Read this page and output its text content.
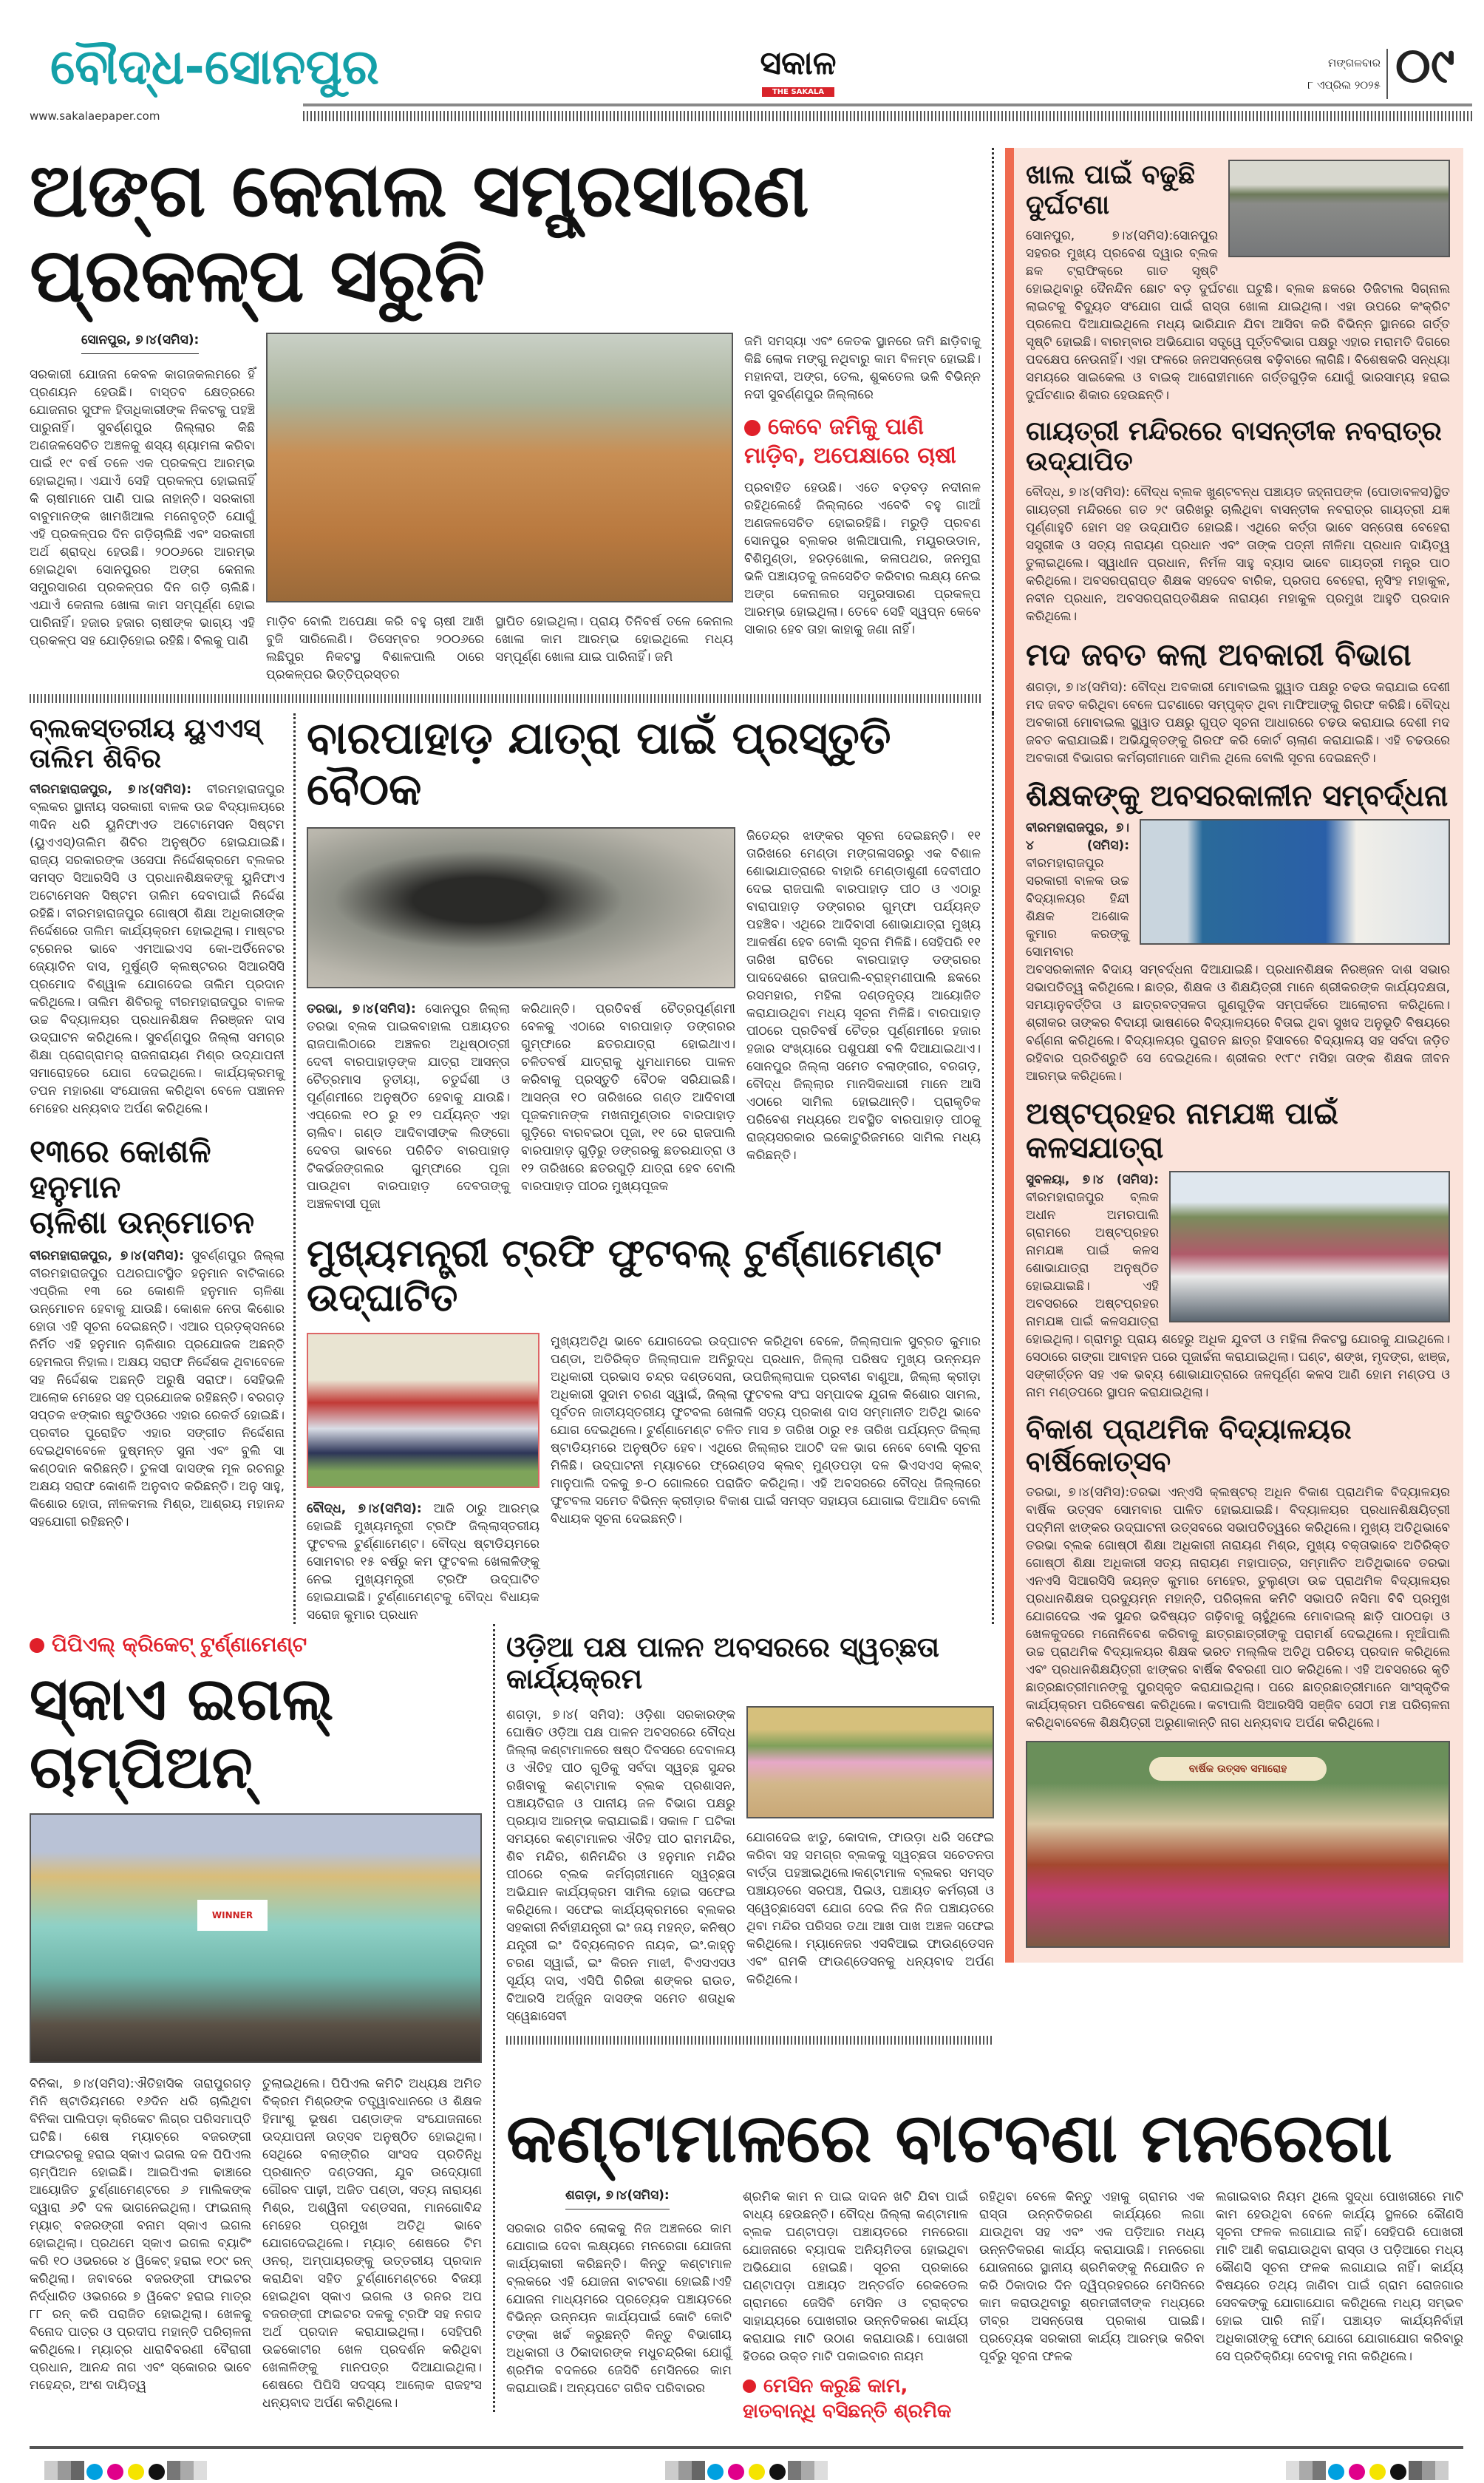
ବୌଦ୍ଧ-ସୋନପୁର
www.sakalaepaper.com
ସକାଳ
THE SAKALA
ମଙ୍ଗଳବାର
୮ ଏପ୍ରିଲ ୨୦୨୫ ୦୯
ଅଙ୍ଗ କେନାଲ ସମ୍ପ୍ରସାରଣ ପ୍ରକଳ୍ପ ସରୁନି
ସୋନପୁର, ୭।୪(ସମିସ):
ସରକାରୀ ଯୋଜନା କେବଳ କାଗଜକଲମରେ ହିଁ ପ୍ରଣୟନ ହେଉଛି। ବାସ୍ତବ କ୍ଷେତ୍ରରେ ଯୋଜନାର ସୁଫଳ ହିତାଧିକାରୀଙ୍କ ନିକଟକୁ ପହଞ୍ଚି ପାରୁନାହିଁ। ସୁବର୍ଣ୍ଣପୁର ଜିଲ୍ଲାର କିଛି ଅଣଜଳସେଚିତ ଅଞ୍ଚଳକୁ ଶସ୍ୟ ଶ୍ୟାମଳା କରିବା ପାଇଁ ୧୯ ବର୍ଷ ତଳେ ଏକ ପ୍ରକଳ୍ପ ଆରମ୍ଭ ହୋଇଥିଲା। ଏଯାଏଁ ସେହି ପ୍ରକଳ୍ପ ହୋଇନାହିଁ କି ଚାଷୀମାନେ ପାଣି ପାଇ ନାହାନ୍ତି। ସରକାରୀ ବାବୁମାନଙ୍କ ଖାମଖିଆଲ ମନୋବୃତ୍ତି ଯୋଗୁଁ ଏହି ପ୍ରକଳ୍ପର ଦିନ ଗଡ଼ିଚାଲିଛି ଏବଂ ସରକାରୀ ଅର୍ଥ ଶ୍ରାଦ୍ଧ ହେଉଛି। ୨୦୦୬ରେ ଆରମ୍ଭ ହୋଇଥିବା ସୋନପୁରର ଅଙ୍ଗ କେନାଲ ସମ୍ପ୍ରସାରଣ ପ୍ରକଳ୍ପର ଦିନ ଗଡ଼ି ଚାଲିଛି। ଏଯାଏଁ କେନାଲ ଖୋଳା କାମ ସମ୍ପୂର୍ଣ୍ଣ ହୋଇ ପାରିନାହିଁ। ହଜାର ହଜାର ଚାଷୀଙ୍କ ଭାଗ୍ୟ ଏହି ପ୍ରକଳ୍ପ ସହ ଯୋଡ଼ିହୋଇ ରହିଛି। ବିଲକୁ ପାଣି
ମାଡ଼ିବ ବୋଲି ଅପେକ୍ଷା କରି ବହୁ ଚାଷୀ ଆଖି ବୁଜି ସାରିଲେଣି। ଡିସେମ୍ବର ୨୦୦୬ରେ ଲଛିପୁର ନିକଟସ୍ଥ ବିଶାଳପାଲି ଠାରେ ପ୍ରକଳ୍ପର ଭିତ୍ତିପ୍ରସ୍ତର
ସ୍ଥାପିତ ହୋଇଥିଲା। ପ୍ରାୟ ତିନିବର୍ଷ ତଳେ କେନାଲ ଖୋଳା କାମ ଆରମ୍ଭ ହୋଇଥିଲେ ମଧ୍ୟ ସମ୍ପୂର୍ଣ୍ଣ ଖୋଳା ଯାଇ ପାରିନାହିଁ। ଜମି
ଜମି ସମସ୍ୟା ଏବଂ କେତକ ସ୍ଥାନରେ ଜମି ଛାଡ଼ିବାକୁ କିଛି ଲୋକ ମଙ୍ଗୁ ନଥିବାରୁ କାମ ବିଳମ୍ବ ହୋଇଛି। ମହାନଦୀ, ଅଙ୍ଗ, ତେଲ, ଶୁକତେଲ ଭଳି ବିଭିନ୍ନ ନଦୀ ସୁବର୍ଣ୍ଣପୁର ଜିଲ୍ଲାରେ
କେବେ ଜମିକୁ ପାଣି ମାଡ଼ିବ, ଅପେକ୍ଷାରେ ଚାଷୀ
ପ୍ରବାହିତ ହେଉଛି। ଏତେ ବଡ଼ବଡ଼ ନଦୀନାଳ ରହିଥିଲେହେଁ ଜିଲ୍ଲାରେ ଏବେବି ବହୁ ଗାଆଁ ଅଣଜଳସେଚିତ ହୋଇରହିଛି। ମରୁଡ଼ି ପ୍ରବଣ ସୋନପୁର ବ୍ଲକର ଖଲିଆପାଲି, ମୟୂରଉଡାନ, ବିଶିମୁଣ୍ଡା, ହରଡ଼ଖୋଲ, କଳାପଥର, ଜନମୁରା ଭଳି ପଞ୍ଚାୟତକୁ ଜଳସେଚିତ କରିବାର ଲକ୍ଷ୍ୟ ନେଇ ଅଙ୍ଗ କେନାଲର ସମ୍ପ୍ରସାରଣ ପ୍ରକଳ୍ପ ଆରମ୍ଭ ହୋଇଥିଲା। ତେବେ ସେହି ସ୍ୱପ୍ନ କେବେ ସାକାର ହେବ ତାହା କାହାକୁ ଜଣା ନାହିଁ।
ବ୍ଲକସ୍ତରୀୟ ୟୁଏଏସ୍ ତାଲିମ ଶିବିର
ବୀରମହାରାଜପୁର, ୭।୪(ସମିସ): ବୀରମହାରାଜପୁର ବ୍ଲକର ସ୍ଥାନୀୟ ସରକାରୀ ବାଳକ ଉଚ୍ଚ ବିଦ୍ୟାଳୟରେ ୩ଦିନ ଧରି ୟୁନିଫାଏଡ ଅଟୋମେସନ ସିଷ୍ଟମ (ୟୁଏଏସ୍)ତାଲିମ ଶିବିର ଅନୁଷ୍ଠିତ ହୋଇଯାଇଛି। ରାଜ୍ୟ ସରକାରଙ୍କ ଓସେପା ନିର୍ଦ୍ଦେଶକ୍ରମେ ବ୍ଲକର ସମସ୍ତ ସିଆରସିସି ଓ ପ୍ରଧାନଶିକ୍ଷକଙ୍କୁ ୟୁନିଫାଏ ଅଟୋମେସନ ସିଷ୍ଟମ ତାଲିମ ଦେବାପାଇଁ ନିର୍ଦ୍ଦେଶ ରହିଛି। ବୀରମହାରାଜପୁର ଗୋଷ୍ଠୀ ଶିକ୍ଷା ଅଧିକାରୀଙ୍କ ନିର୍ଦ୍ଦେଶରେ ତାଲିମ କାର୍ଯ୍ୟକ୍ରମ ହୋଇଥିଲା। ମାଷ୍ଟର ଟ୍ରେନର ଭାବେ ଏମଆଇଏସ କୋ-ଅର୍ଡିନେଟର ଜ୍ୟୋତିନ ଦାସ, ମୁର୍ଷୁଣ୍ଡି କ୍ଲଷ୍ଟରର ସିଆରସିସି ପ୍ରମୋଦ ବିଶ୍ୱାଳ ଯୋଗଦେଇ ତାଲିମ ପ୍ରଦାନ କରିଥିଲେ। ତାଲିମ ଶିବିରକୁ ବୀରମହାରାଜପୁର ବାଳକ ଉଚ୍ଚ ବିଦ୍ୟାଳୟର ପ୍ରଧାନଶିକ୍ଷକ ନିରଞ୍ଜନ ଦାସ ଉଦ୍‌ଘାଟନ କରିଥିଲେ। ସୁବର୍ଣ୍ଣପୁର ଜିଲ୍ଲା ସମଗ୍ର ଶିକ୍ଷା ପ୍ରୋଗ୍ରାମର୍ ରାଜନାରାୟଣ ମିଶ୍ର ଉଦ୍‌ଯାପନୀ ସମାରୋହରେ ଯୋଗ ଦେଇଥିଲେ। କାର୍ଯ୍ୟକ୍ରମକୁ ତପନ ମହାରଣା ସଂଯୋଜନା କରିଥିବା ବେଳେ ପଞ୍ଚାନନ ମେହେର ଧନ୍ୟବାଦ ଅର୍ପଣ କରିଥିଲେ।
୧୩ରେ କୋଶଳି ହନୁମାନ
ଚାଳିଶା ଉନ୍ମୋଚନ
ବୀରମହାରାଜପୁର, ୭।୪(ସମିସ): ସୁବର୍ଣ୍ଣପୁର ଜିଲ୍ଲା ବୀରମହାରାଜପୁର ପଥରଘାଟସ୍ଥିତ ହନୁମାନ ବାଟିକାରେ ଏପ୍ରିଲ ୧୩ ରେ କୋଶଳି ହନୁମାନ ଚାଳିଶା ଉନ୍ମୋଚନ ହେବାକୁ ଯାଉଛି। କୋଶଳ ନେତା କିଶୋର ହୋତା ଏହି ସୂଚନା ଦେଇଛନ୍ତି। ଏଆର ପ୍ରଡ଼କ୍ସନରେ ନିର୍ମିତ ଏହି ହନୁମାନ ଚାଳିଶାର ପ୍ରଯୋଜକ ଅଛନ୍ତି ହେମଲତା ନିହାଲ। ଅକ୍ଷୟ ସରାଫ ନିର୍ଦ୍ଦେଶକ ଥିବାବେଳେ ସହ ନିର୍ଦ୍ଦେଶକ ଅଛନ୍ତି ଅରୁଷି ସରାଫ। ସେହିଭଳି ଆଲୋକ ମେହେର ସହ ପ୍ରଯୋଜକ ରହିଛନ୍ତି। ବରଗଡ଼ ସପ୍ତକ ଝଙ୍କାର ଷ୍ଟୁଡିଓରେ ଏହାର ରେକର୍ଡ ହୋଇଛି। ପ୍ରବୀର ପୁରୋହିତ ଏହାର ସଙ୍ଗୀତ ନିର୍ଦ୍ଦେଶନା ଦେଇଥିବାବେଳେ ଦୁଷ୍ମନ୍ତ ସୁନା ଏବଂ ବୁଲି ସା କଣ୍ଠଦାନ କରିଛନ୍ତି। ତୁଳସୀ ଦାସଙ୍କ ମୂଳ ରଚନାରୁ ଅକ୍ଷୟ ସରାଫ କୋଶଳି ଅନୁବାଦ କରିଛନ୍ତି। ଅନୁ ସାହୁ, କିଶୋର ହୋତା, ନୀଳକମଲ ମିଶ୍ର, ଆଶ୍ରୟ ମହାନନ୍ଦ ସହଯୋଗୀ ରହିଛନ୍ତି।
ବାରପାହାଡ଼ ଯାତ୍ରା ପାଇଁ ପ୍ରସ୍ତୁତି ବୈଠକ
ତରଭା, ୭।୪(ସମିସ): ସୋନପୁର ଜିଲ୍ଲା ତରଭା ବ୍ଲକ ପାଇକବାହାଲ ପଞ୍ଚାୟତର ରାଜପାଲିଠାରେ ଅଞ୍ଚଳର ଅଧିଷ୍ଠାତ୍ରୀ ଦେବୀ ବାରପାହାଡ଼ଙ୍କ ଯାତ୍ରା ଆସନ୍ତା ଚୈତ୍ରମାସ ତୃତୀୟା, ଚତୁର୍ଦ୍ଦଶୀ ଓ ପୂର୍ଣ୍ଣମୀରେ ଅନୁଷ୍ଠିତ ହେବାକୁ ଯାଉଛି। ଏପ୍ରେଲ ୧୦ ରୁ ୧୨ ପର୍ଯ୍ୟନ୍ତ ଏହା ଚାଲିବ। ଗଣ୍ଡ ଆଦିବାସୀଙ୍କ ଲିଙ୍ଗୋ ଦେବତା ଭାବରେ ପରିଚିତ ବାରପାହାଡ଼ ଟିକର୍ଭଜଙ୍ଗଲର ଗୁମ୍ଫାରେ ପୂଜା ପାଉଥିବା ବାରପାହାଡ଼ ଦେବତାଙ୍କୁ ଅଞ୍ଚଳବାସୀ ପୂଜା
କରିଥାନ୍ତି। ପ୍ରତିବର୍ଷ ଚୈତ୍ରପୂର୍ଣ୍ଣମୀ ବେଳକୁ ଏଠାରେ ବାରପାହାଡ଼ ଡଙ୍ଗରର ଗୁମ୍ଫାରେ ଛତରଯାତ୍ରା ହୋଇଥାଏ। ଚଳିତବର୍ଷ ଯାତ୍ରାକୁ ଧୁମଧାମରେ ପାଳନ କରିବାକୁ ପ୍ରସ୍ତୁତି ବୈଠକ ସରିଯାଇଛି। ଆସନ୍ତା ୧୦ ତାରିଖରେ ଗଣ୍ଡ ଆଦିବାସୀ ପୂଜକମାନଙ୍କ ମଖନାମୁଣ୍ଡାର ବାରପାହାଡ଼ ଗୁଡ଼ିରେ ବାରବଇଠା ପୂଜା, ୧୧ ରେ ରାଜପାଲି ବାରପାହାଡ଼ ଗୁଡ଼ିରୁ ଡଙ୍ଗରକୁ ଛତରଯାତ୍ରା ଓ ୧୨ ତାରିଖରେ ଛତରଗୁଡ଼ି ଯାତ୍ରା ହେବ ବୋଲି ବାରପାହାଡ଼ ପୀଠର ମୁଖ୍ୟପୂଜକ
ଜିତେନ୍ଦ୍ର ଝାଙ୍କର ସୂଚନା ଦେଇଛନ୍ତି। ୧୧ ତାରିଖରେ ମେଣ୍ଡା ମଙ୍ଗଳାସରରୁ ଏକ ବିଶାଳ ଶୋଭାଯାତ୍ରାରେ ବାହାରି ମେଣ୍ଡାଶୁଣୀ ଦେବୀପୀଠ ଦେଇ ରାଜପାଲି ବାରପାହାଡ଼ ପୀଠ ଓ ଏଠାରୁ ବାରାପାହାଡ଼ ଡଙ୍ଗରର ଗୁମ୍ଫା ପର୍ଯ୍ୟନ୍ତ ପହଞ୍ଚିବ। ଏଥିରେ ଆଦିବାସୀ ଶୋଭାଯାତ୍ରା ମୁଖ୍ୟ ଆକର୍ଷଣ ହେବ ବୋଲି ସୂଚନା ମିଳିଛି। ସେହିପରି ୧୧ ତାରିଖ ରାତିରେ ବାରପାହାଡ଼ ଡଙ୍ଗରର ପାଦଦେଶରେ ରାଜପାଲି-ବ୍ରାହ୍ମଣୀପାଲି ଛକରେ ରସମହାର, ମହିଳା ଦଣ୍ଡନୃତ୍ୟ ଆୟୋଜିତ କରାଯାଉଥିବା ମଧ୍ୟ ସୂଚନା ମିଳିଛି। ବାରପାହାଡ଼ ପୀଠରେ ପ୍ରତିବର୍ଷ ଚୈତ୍ର ପୂର୍ଣ୍ଣମୀରେ ହଜାର ହଜାର ସଂଖ୍ୟାରେ ପଶୁପକ୍ଷୀ ବଳି ଦିଆଯାଇଥାଏ। ସୋନପୁର ଜିଲ୍ଲା ସମେତ ବଲାଙ୍ଗୀର, ବରଗଡ଼, ବୌଦ୍ଧ ଜିଲ୍ଲାର ମାନସିକଧାରୀ ମାନେ ଆସି ଏଠାରେ ସାମିଲ ହୋଇଥାନ୍ତି। ପ୍ରାକୃତିକ ପରିବେଶ ମଧ୍ୟରେ ଅବସ୍ଥିତ ବାରପାହାଡ଼ ପୀଠକୁ ରାଜ୍ୟସରକାର ଇକୋଟୁରିଜମରେ ସାମିଲ ମଧ୍ୟ କରିଛନ୍ତି।
ମୁଖ୍ୟମନ୍ତ୍ରୀ ଟ୍ରଫି ଫୁଟବଲ୍ ଟୁର୍ଣ୍ଣାମେଣ୍ଟ ଉଦ୍‌ଘାଟିତ
ବୌଦ୍ଧ, ୭।୪(ସମିସ): ଆଜି ଠାରୁ ଆରମ୍ଭ ହୋଇଛି ମୁଖ୍ୟମନ୍ତ୍ରୀ ଟ୍ରଫି ଜିଲ୍ଲାସ୍ତରୀୟ ଫୁଟବଲ ଟୁର୍ଣ୍ଣାମେଣ୍ଟ। ବୌଦ୍ଧ ଷ୍ଟାଡିୟମରେ ସୋମବାର ୧୫ ବର୍ଷରୁ କମ ଫୁଟବଲ ଖେଳାଳିଙ୍କୁ ନେଇ ମୁଖ୍ୟମନ୍ତ୍ରୀ ଟ୍ରଫି ଉଦ୍‌ଘାଟିତ ହୋଇଯାଇଛି। ଟୁର୍ଣ୍ଣାମେଣ୍ଟକୁ ବୌଦ୍ଧ ବିଧାୟକ ସରୋଜ କୁମାର ପ୍ରଧାନ
ମୁଖ୍ୟଅତିଥି ଭାବେ ଯୋଗଦେଇ ଉଦ୍‌ଘାଟନ କରିଥିବା ବେଳେ, ଜିଲ୍ଲାପାଳ ସୁବ୍ରତ କୁମାର ପଣ୍ଡା, ଅତିରିକ୍ତ ଜିଲ୍ଲାପାଳ ଅନିରୁଦ୍ଧ ପ୍ରଧାନ, ଜିଲ୍ଲା ପରିଷଦ ମୁଖ୍ୟ ଉନ୍ନୟନ ଅଧିକାରୀ ପ୍ରଭାସ ଚନ୍ଦ୍ର ଦଣ୍ଡସେନା, ଉପଜିଲ୍ଲାପାଳ ପ୍ରବୀଣ ବାଣୁଆ, ଜିଲ୍ଲା କ୍ରୀଡ଼ା ଅଧିକାରୀ ସୁଦାମ ଚରଣ ସ୍ୱାଇଁ, ଜିଲ୍ଲା ଫୁଟବଲ ସଂଘ ସମ୍ପାଦକ ଯୁଗଳ କିଶୋର ସାମଲ, ପୂର୍ବତନ ଜାତୀୟସ୍ତରୀୟ ଫୁଟବଲ ଖେଳାଳି ସତ୍ୟ ପ୍ରକାଶ ଦାସ ସମ୍ମାନୀତ ଅତିଥି ଭାବେ ଯୋଗ ଦେଇଥିଲେ। ଟୁର୍ଣ୍ଣାମେଣ୍ଟ ଚଳିତ ମାସ ୭ ତାରିଖ ଠାରୁ ୧୫ ତାରିଖ ପର୍ଯ୍ୟନ୍ତ ଜିଲ୍ଲା ଷ୍ଟାଡିୟମରେ ଅନୁଷ୍ଠିତ ହେବ। ଏଥିରେ ଜିଲ୍ଲାର ଆଠଟି ଦଳ ଭାଗ ନେବେ ବୋଲି ସୂଚନା ମିଳିଛି। ଉଦ୍‌ଘାଟନୀ ମ୍ୟାଚରେ ଫ୍ରେଣ୍ଡସ କ୍ଲବ୍ ମୁଣ୍ଡପଡ଼ା ଦଳ ଭିଏସଏସ କ୍ଲବ୍ ମାନୁପାଲି ଦଳକୁ ୭-୦ ଗୋଲରେ ପରାଜିତ କରିଥିଲା। ଏହି ଅବସରରେ ବୌଦ୍ଧ ଜିଲ୍ଲାରେ ଫୁଟବଲ ସମେତ ବିଭିନ୍ନ କ୍ରୀଡ଼ାର ବିକାଶ ପାଇଁ ସମସ୍ତ ସହାୟତା ଯୋଗାଇ ଦିଆଯିବ ବୋଲି ବିଧାୟକ ସୂଚନା ଦେଇଛନ୍ତି।
ଖାଲ ପାଇଁ ବଢୁଛି ଦୁର୍ଘଟଣା
ସୋନପୁର, ୭।୪(ସମିସ):ସୋନପୁର ସହରର ମୁଖ୍ୟ ପ୍ରବେଶ ଦ୍ୱାର ବ୍ଲକ ଛକ ଟ୍ରାଫିକ୍‌ରେ ଗାତ ସୃଷ୍ଟି ହୋଇଥିବାରୁ ଦୈନନ୍ଦିନ ଛୋଟ ବଡ଼ ଦୁର୍ଘଟଣା ଘଟୁଛି। ବ୍ଲକ ଛକରେ ଡିଜିଟାଲ ସିଗ୍ନାଲ ଲାଇଟକୁ ବିଦ୍ୟୁତ ସଂଯୋଗ ପାଇଁ ରାସ୍ତା ଖୋଳା ଯାଇଥିଲା। ଏହା ଉପରେ କଂକ୍ରିଟ ପ୍ରଲେପ ଦିଆଯାଇଥିଲେ ମଧ୍ୟ ଭାରିଯାନ ଯିବା ଆସିବା କରି ବିଭିନ୍ନ ସ୍ଥାନରେ ଗର୍ତ୍ତ ସୃଷ୍ଟି ହୋଇଛି। ବାରମ୍ବାର ଅଭିଯୋଗ ସତ୍ତ୍ୱେ ପୂର୍ତ୍ତବିଭାଗ ପକ୍ଷରୁ ଏହାର ମରାମତି ଦିଗରେ ପଦକ୍ଷେପ ନେଉନାହିଁ। ଏହା ଫଳରେ ଜନଅସନ୍ତୋଷ ବଢ଼ିବାରେ ଲାଗିଛି। ବିଶେଷକରି ସନ୍ଧ୍ୟା ସମୟରେ ସାଇକେଲ ଓ ବାଇକ୍ ଆରୋହୀମାନେ ଗର୍ତ୍ତଗୁଡ଼ିକ ଯୋଗୁଁ ଭାରସାମ୍ୟ ହରାଇ ଦୁର୍ଘଟଣାର ଶିକାର ହେଉଛନ୍ତି।
ଗାୟତ୍ରୀ ମନ୍ଦିରରେ ବାସନ୍ତୀକ ନବରାତ୍ର ଉଦ୍‌ଯାପିତ
ବୌଦ୍ଧ, ୭।୪(ସମିସ): ବୌଦ୍ଧ ବ୍ଲକ ଖୁଣ୍ଟବନ୍ଧ ପଞ୍ଚାୟତ ଜହ୍ନାପଙ୍କ (ପୋଡାବଳସ)ସ୍ଥିତ ଗାୟତ୍ରୀ ମନ୍ଦିରରେ ଗତ ୨୯ ତାରିଖରୁ ଚାଲିଥିବା ବାସନ୍ତୀକ ନବରାତ୍ର ଗାୟତ୍ରୀ ଯଜ୍ଞ ପୂର୍ଣ୍ଣାହୁତି ହୋମ ସହ ଉଦ୍‌ଯାପିତ ହୋଇଛି। ଏଥିରେ କର୍ତ୍ତା ଭାବେ ସନ୍ତୋଷ ବେହେରା ସସ୍ତ୍ରୀକ ଓ ସତ୍ୟ ନାରାୟଣ ପ୍ରଧାନ ଏବଂ ତାଙ୍କ ପତ୍ନୀ ନୀଳିମା ପ୍ରଧାନ ଦାୟିତ୍ୱ ତୁଲାଇଥିଲେ। ସ୍ୱାଧୀନ ପ୍ରଧାନ, ନିର୍ମଳ ସାହୁ ବ୍ୟାସ ଭାବେ ଗାୟତ୍ରୀ ମନ୍ତ୍ର ପାଠ କରିଥିଲେ। ଅବସରପ୍ରାପ୍ତ ଶିକ୍ଷକ ସହଦେବ ବାରିକ, ପ୍ରତାପ ବେହେରା, ନୃସିଂହ ମହାକୁଳ, ନବୀନ ପ୍ରଧାନ, ଅବସରପ୍ରାପ୍ତଶିକ୍ଷକ ନାରାୟଣ ମହାକୁଳ ପ୍ରମୁଖ ଆହୁତି ପ୍ରଦାନ କରିଥିଲେ।
ମଦ ଜବତ କଲା ଅବକାରୀ ବିଭାଗ
ଶଗଡ଼ା, ୭।୪(ସମିସ): ବୌଦ୍ଧ ଅବକାରୀ ମୋବାଇଲ ସ୍କ୍ୱାଡ ପକ୍ଷରୁ ଚଢଉ କରାଯାଇ ଦେଶୀ ମଦ ଜବତ କରିଥିବା ବେଳେ ଘଟଣାରେ ସମ୍ପୃକ୍ତ ଥିବା ମାଫିଆଙ୍କୁ ଗିରଫ କରିଛି। ବୌଦ୍ଧ ଅବକାରୀ ମୋବାଇଲ ସ୍କ୍ୱାଡ ପକ୍ଷରୁ ଗୁପ୍ତ ସୂଚନା ଆଧାରରେ ଚଢଉ କରାଯାଇ ଦେଶୀ ମଦ ଜବତ କରାଯାଇଛି। ଅଭିଯୁକ୍ତଙ୍କୁ ଗିରଫ କରି କୋର୍ଟ ଚାଲାଣ କରାଯାଇଛି। ଏହି ଚଢଉରେ ଅବକାରୀ ବିଭାଗର କର୍ମଚାରୀମାନେ ସାମିଲ ଥିଲେ ବୋଲି ସୂଚନା ଦେଇଛନ୍ତି।
ଶିକ୍ଷକଙ୍କୁ ଅବସରକାଳୀନ ସମ୍ବର୍ଦ୍ଧନା
ବୀରମହାରାଜପୁର, ୭।୪ (ସମିସ): ବୀରମହାରାଜପୁର ସରକାରୀ ବାଳକ ଉଚ୍ଚ ବିଦ୍ୟାଳୟର ହିନ୍ଦୀ ଶିକ୍ଷକ ଅଶୋକ କୁମାର କରଙ୍କୁ ସୋମବାର ଅବସରକାଳୀନ ବିଦାୟ ସମ୍ବର୍ଦ୍ଧନା ଦିଆଯାଇଛି। ପ୍ରଧାନଶିକ୍ଷକ ନିରଞ୍ଜନ ଦାଶ ସଭାର ସଭାପତିତ୍ୱ କରିଥିଲେ। ଛାତ୍ର, ଶିକ୍ଷକ ଓ ଶିକ୍ଷୟିତ୍ରୀ ମାନେ ଶ୍ରୀକରଙ୍କ କାର୍ଯ୍ୟଦକ୍ଷତା, ସମୟାନୁବର୍ତ୍ତିତା ଓ ଛାତ୍ରବତ୍ସଳତା ଗୁଣଗୁଡ଼ିକ ସମ୍ପର୍କରେ ଆଲୋଚନା କରିଥିଲେ। ଶ୍ରୀକର ତାଙ୍କର ବିଦାୟୀ ଭାଷଣରେ ବିଦ୍ୟାଳୟରେ ବିତାଇ ଥିବା ସୁଖଦ ଅନୁଭୂତି ବିଷୟରେ ବର୍ଣ୍ଣନା କରିଥିଲେ। ବିଦ୍ୟାଳୟର ପୁରାତନ ଛାତ୍ର ହିସାବରେ ବିଦ୍ୟାଳୟ ସହ ସର୍ବଦା ଜଡ଼ିତ ରହିବାର ପ୍ରତିଶ୍ରୁତି ସେ ଦେଇଥିଲେ। ଶ୍ରୀକର ୧୯୮୯ ମସିହା ତାଙ୍କ ଶିକ୍ଷକ ଜୀବନ ଆରମ୍ଭ କରିଥିଲେ।
ଅଷ୍ଟପ୍ରହର ନାମଯଜ୍ଞ ପାଇଁ କଳସଯାତ୍ରା
ସୁବଳୟା, ୭।୪ (ସମିସ): ବୀରମହାରାଜପୁର ବ୍ଲକ ଅଧୀନ ଅମରପାଲି ଗ୍ରାମରେ ଅଷ୍ଟପ୍ରହର ନାମଯଜ୍ଞ ପାଇଁ କଳସ ଶୋଭାଯାତ୍ରା ଅନୁଷ୍ଠିତ ହୋଇଯାଇଛି। ଏହି ଅବସରରେ ଅଷ୍ଟପ୍ରହର ନାମଯଜ୍ଞ ପାଇଁ କଳସଯାତ୍ରା ହୋଇଥିଲା। ଗ୍ରାମରୁ ପ୍ରାୟ ଶହେରୁ ଅଧିକ ଯୁବତୀ ଓ ମହିଳା ନିକଟସ୍ଥ ଯୋରକୁ ଯାଇଥିଲେ। ସେଠାରେ ଗଙ୍ଗା ଆବାହନ ପରେ ପୂଜାର୍ଚ୍ଚନା କରାଯାଇଥିଲା। ଘଣ୍ଟ, ଶଙ୍ଖ, ମୃଦଙ୍ଗ, ଝାଞ୍ଜ, ସଙ୍କୀର୍ତ୍ତନ ସହ ଏକ ଭବ୍ୟ ଶୋଭାଯାତ୍ରାରେ ଜଳପୂର୍ଣ୍ଣ କଳସ ଆଣି ହୋମ ମଣ୍ଡପ ଓ ନାମ ମଣ୍ଡପରେ ସ୍ଥାପନ କରାଯାଇଥିଲା।
ବିକାଶ ପ୍ରାଥମିକ ବିଦ୍ୟାଳୟର ବାର୍ଷିକୋତ୍ସବ
ତରଭା, ୭।୪(ସମିସ):ତରଭା ଏନ୍‌ଏସି କ୍ଲଷ୍ଟର୍ ଅଧିନ ବିକାଶ ପ୍ରାଥମିକ ବିଦ୍ୟାଳୟର ବାର୍ଷିକ ଉତ୍ସବ ସୋମବାର ପାଳିତ ହୋଇଯାଇଛି। ବିଦ୍ୟାଳୟର ପ୍ରଧାନଶିକ୍ଷୟିତ୍ରୀ ପଦ୍ମିନୀ ଝାଙ୍କର ଉଦ୍‌ଘାଟନୀ ଉତ୍ସବରେ ସଭାପତିତ୍ୱରେ କରିଥିଲେ। ମୁଖ୍ୟ ଅତିଥିଭାବେ ତରଭା ବ୍ଲକ ଗୋଷ୍ଠୀ ଶିକ୍ଷା ଅଧିକାରୀ ନାରାୟଣ ମିଶ୍ର, ମୁଖ୍ୟ ବକ୍ତାଭାବେ ଅତିରିକ୍ତ ଗୋଷ୍ଠୀ ଶିକ୍ଷା ଅଧିକାରୀ ସତ୍ୟ ନାରାୟଣ ମହାପାତ୍ର, ସମ୍ମାନିତ ଅତିଥିଭାବେ ତରଭା ଏନଏସି ସିଆରସିସି ଜୟନ୍ତ କୁମାର ମେହେର, ତୁଲୁଣ୍ଡା ଉଚ୍ଚ ପ୍ରାଥମିକ ବିଦ୍ୟାଳୟର ପ୍ରଧାନଶିକ୍ଷକ ପ୍ରଦ୍ୟୁମ୍ନ ମହାନ୍ତି, ପରିଚାଳନା କମିଟି ସଭାପତି ନସିମା ବିବି ପ୍ରମୁଖ ଯୋଗଦେଇ ଏକ ସୁନ୍ଦର ଭବିଷ୍ୟତ ଗଢ଼ିବାକୁ ଚାହୁଁଥିଲେ ମୋବାଇଲ୍ ଛାଡ଼ି ପାଠପଢ଼ା ଓ ଖେଳକୁଦରେ ମନୋନିବେଶ କରିବାକୁ ଛାତ୍ରଛାତ୍ରୀଙ୍କୁ ପରାମର୍ଶ ଦେଇଥିଲେ। ନୂଆଁପାଲି ଉଚ୍ଚ ପ୍ରାଥମିକ ବିଦ୍ୟାଳୟର ଶିକ୍ଷକ ଭରତ ମଲ୍ଲିକ ଅତିଥି ପରିଚୟ ପ୍ରଦାନ କରିଥିଲେ ଏବଂ ପ୍ରଧାନଶିକ୍ଷୟିତ୍ରୀ ଝାଙ୍କର ବାର୍ଷିକ ବିବରଣୀ ପାଠ କରିଥିଲେ। ଏହି ଅବସରରେ କୃତି ଛାତ୍ରଛାତ୍ରୀମାନଙ୍କୁ ପୁରସ୍କୃତ କରାଯାଇଥିଲା। ପରେ ଛାତ୍ରଛାତ୍ରୀମାନେ ସାଂସ୍କୃତିକ କାର୍ଯ୍ୟକ୍ରମ ପରିବେଷଣ କରିଥିଲେ। କଟାପାଲି ସିଆରସିସି ସଞ୍ଜିବ ସେଠୀ ମଞ୍ଚ ପରିଚାଳନା କରିଥିବାବେଳେ ଶିକ୍ଷୟିତ୍ରୀ ଅରୁଣାକାନ୍ତି ନାଗ ଧନ୍ୟବାଦ ଅର୍ପଣ କରିଥିଲେ।
ବାର୍ଷିକ ଉତ୍ସବ ସମାରୋହ
ପିପିଏଲ୍ କ୍ରିକେଟ୍ ଟୁର୍ଣ୍ଣାମେଣ୍ଟ
ସ୍କାଏ ଇଗଲ୍ ଚାମ୍ପିଅନ୍
WINNER
ବିନିକା, ୭।୪(ସମିସ):ଐତିହାସିକ ତାରାପୁରଗଡ଼ ମିନି ଷ୍ଟାଡିୟମରେ ୧୬ଦିନ ଧରି ଚାଲିଥିବା ବିନିକା ପାଲିପଡ଼ା କ୍ରିକେଟ ଲିଗ୍‌ର ପରିସମାପ୍ତି ଘଟିଛି। ଶେଷ ମ୍ୟାଚ୍‌ରେ ବଜରଙ୍ଗୀ ଫାଇଟରକୁ ହରାଇ ସ୍କାଏ ଇଗଲ ଦଳ ପିପିଏଲ ଚାମ୍ପିଅନ ହୋଇଛି। ଆଇପିଏଲ ଢାଞ୍ଚାରେ ଆୟୋଜିତ ଟୁର୍ଣ୍ଣାମେଣ୍ଟରେ ୬ ମାଲିକଙ୍କ ଦ୍ୱାରା ୬ଟି ଦଳ ଭାଗନେଇଥିଲା। ଫାଇନାଲ୍ ମ୍ୟାଚ୍ ବଜରଙ୍ଗୀ ବନାମ ସ୍କାଏ ଇଗଲ ହୋଇଥିଲା। ପ୍ରଥମେ ସ୍କାଏ ଇଗଲ ବ୍ୟାଟିଂ କରି ୧୦ ଓଭରରେ ୪ ୱିକେଟ୍ ହରାଇ ୧୦୯ ରନ୍ କରିଥିଲା। ଜବାବରେ ବଜରଙ୍ଗୀ ଫାଇଟର ନିର୍ଦ୍ଧାରିତ ଓଭରରେ ୭ ୱିକେଟ ହରାଇ ମାତ୍ର ୮୮ ରନ୍ କରି ପରାଜିତ ହୋଇଥିଲା। ଖେଳକୁ ବିନୋଦ ପାତ୍ର ଓ ପ୍ରଦୀପ ମହାନ୍ତି ପରିଚାଳନା କରିଥିଲେ। ମ୍ୟାଚ୍‌ର ଧାରାବିବରଣୀ ବୈରାଗୀ ପ୍ରଧାନ, ଆନନ୍ଦ ନାଗ ଏବଂ ସ୍କୋରର ଭାବେ ମହେନ୍ଦ୍ର, ଅଂଶ ଦାୟିତ୍ୱ
ତୁଲାଇଥିଲେ। ପିପିଏଲ କମିଟି ଅଧ୍ୟକ୍ଷ ଅମିତ ବିକ୍ରମ ମିଶ୍ରଙ୍କ ତତ୍ତ୍ୱାବଧାନରେ ଓ ଶିକ୍ଷକ ହିମାଂଶୁ ଭୂଷଣ ପଣ୍ଡାଙ୍କ ସଂଯୋଜନାରେ ଉଦ୍‌ଯାପନୀ ଉତ୍ସବ ଅନୁଷ୍ଠିତ ହୋଇଥିଲା। ସେଥିରେ ବଲାଙ୍ଗିର ସାଂସଦ ପ୍ରତିନିଧି ପ୍ରଶାନ୍ତ ଦଣ୍ଡସନା, ଯୁବ ଉଦ୍ୟୋଗୀ ଗୌରବ ପାଢ଼ୀ, ଅଜିତ ପଣ୍ଡା, ସତ୍ୟ ନାରାୟଣ ମିଶ୍ର, ଅଶ୍ୱିନୀ ଦଣ୍ଡସନା, ମାନଗୋବିନ୍ଦ ମେହେର ପ୍ରମୁଖ ଅତିଥି ଭାବେ ଯୋଗଦେଇଥିଲେ। ମ୍ୟାଚ୍ ଶେଷରେ ଟିମ ଓନର୍, ଅମ୍ପାୟରଙ୍କୁ ଉତ୍ତରୀୟ ପ୍ରଦାନ କରାଯିବା ସହିତ ଟୁର୍ଣ୍ଣାମେଣ୍ଟରେ ବିଜୟୀ ହୋଇଥିବା ସ୍କାଏ ଇଗଲ ଓ ରନର ଅପ ବଜରଙ୍ଗୀ ଫାଇଟର ଦଳକୁ ଟ୍ରଫି ସହ ନଗଦ ଅର୍ଥ ପ୍ରଦାନ କରାଯାଇଥିଲା। ସେହିପରି ଉଚ୍ଚକୋଟୀର ଖେଳ ପ୍ରଦର୍ଶନ କରିଥିବା ଖେଳାଳିଙ୍କୁ ମାନପତ୍ର ଦିଆଯାଇଥିଲା। ଶେଷରେ ପିପିସି ସଦସ୍ୟ ଆଲୋକ ରାଜହଂସ ଧନ୍ୟବାଦ ଅର୍ପଣ କରିଥିଲେ।
ଓଡ଼ିଆ ପକ୍ଷ ପାଳନ ଅବସରରେ ସ୍ୱଚ୍ଛତା କାର୍ଯ୍ୟକ୍ରମ
ଶଗଡ଼ା, ୭।୪( ସମିସ): ଓଡ଼ିଶା ସରକାରଙ୍କ ଘୋଷିତ ଓଡ଼ିଆ ପକ୍ଷ ପାଳନ ଅବସରରେ ବୌଦ୍ଧ ଜିଲ୍ଲା କଣ୍ଟାମାଳରେ ଷଷ୍ଠ ଦିବସରେ ଦେବାଳୟ ଓ ଐତିହ ପୀଠ ଗୁଡିକୁ ସର୍ବଦା ସ୍ୱଚ୍ଛ ସୁନ୍ଦର ରଖିବାକୁ କଣ୍ଟାମାଳ ବ୍ଲକ ପ୍ରଶାସନ, ପଞ୍ଚାୟତିରାଜ ଓ ପାନୀୟ ଜଳ ବିଭାଗ ପକ୍ଷରୁ ପ୍ରୟାସ ଆରମ୍ଭ କରାଯାଇଛି। ସକାଳ ୮ ଘଟିକା ସମୟରେ କଣ୍ଟାମାଳର ଐତିହ ପୀଠ ରାମମନ୍ଦିର, ଶିବ ମନ୍ଦିର, ଶନିମନ୍ଦିର ଓ ହନୁମାନ ମନ୍ଦିର ପୀଠରେ ବ୍ଲକ କର୍ମଚାରୀମାନେ ସ୍ୱଚ୍ଛତା ଅଭିଯାନ କାର୍ଯ୍ୟକ୍ରମ ସାମିଲ ହୋଇ ସଫେଇ କରିଥିଲେ। ସଫେଇ କାର୍ଯ୍ୟକ୍ରମରେ ବ୍ଲକର ସହକାରୀ ନିର୍ବାହୀଯନ୍ତ୍ରୀ ଇଂ ଜୟ ମହନ୍ତ, କନିଷ୍ଠ ଯନ୍ତ୍ରୀ ଇଂ ଦିବ୍ୟଲୋଚନ ନାୟକ, ଇଂ.କାହ୍ନୁ ଚରଣ ସ୍ୱାଇଁ, ଇଂ କିରନ ମାଝୀ, ବିଏସଏସଓ ସୂର୍ଯ୍ୟ ଦାସ, ଏସିପି ଗିରିଜା ଶଙ୍କର ରାଉତ, ବିଆରସି ଅର୍ଜ୍ଜୁନ ଦାସଙ୍କ ସମେତ ଶତାଧିକ ସ୍ୱେଛାସେବୀ
ଯୋଗଦେଇ ଝାଡୁ, କୋଦାଳ, ଫାଉଡ଼ା ଧରି ସଫେଇ କରିବା ସହ ସମଗ୍ର ବ୍ଲକକୁ ସ୍ୱଚ୍ଛତା ସଚେତନତା ବାର୍ତ୍ତା ପହଞ୍ଚାଇଥିଲେ।କଣ୍ଟାମାଳ ବ୍ଲକର ସମସ୍ତ ପଞ୍ଚାୟତରେ ସରପଞ୍ଚ, ପିଇଓ, ପଞ୍ଚାୟତ କର୍ମଚାରୀ ଓ ସ୍ୱେଚ୍ଛାସେବୀ ଯୋଗ ଦେଇ ନିଜ ନିଜ ପଞ୍ଚାୟତରେ ଥିବା ମନ୍ଦିର ପରିସର ତଥା ଆଖ ପାଖ ଅଞ୍ଚଳ ସଫେଇ କରିଥିଲେ। ମ୍ୟାନେଜର ଏସବିଆଇ ଫାଉଣ୍ଡେସନ ଏବଂ ରାମକି ଫାଉଣ୍ଡେସନକୁ ଧନ୍ୟବାଦ ଅର୍ପଣ କରିଥିଲେ।
କଣ୍ଟାମାଳରେ ବାଟବଣା ମନରେଗା
ଶଗଡ଼ା, ୭।୪(ସମିସ):
ସରକାର ଗରିବ ଲୋକକୁ ନିଜ ଅଞ୍ଚଳରେ କାମ ଯୋଗାଇ ଦେବା ଲକ୍ଷ୍ୟରେ ମନରେଗା ଯୋଜନା କାର୍ଯ୍ୟକାରୀ କରିଛନ୍ତି। କିନ୍ତୁ କଣ୍ଟାମାଳ ବ୍ଲକରେ ଏହି ଯୋଜନା ବାଟବଣା ହୋଇଛି।ଏହି ଯୋଜନା ମାଧ୍ୟମରେ ପ୍ରତ୍ୟେକ ପଞ୍ଚାୟତରେ ବିଭିନ୍ନ ଉନ୍ନୟନ କାର୍ଯ୍ୟପାଇଁ କୋଟି କୋଟି ଟଙ୍କା ଖର୍ଚ୍ଚ କରୁଛନ୍ତି କିନ୍ତୁ ବିଭାଗୀୟ ଅଧିକାରୀ ଓ ଠିକାଦାରଙ୍କ ମଧୁଚନ୍ଦ୍ରିକା ଯୋଗୁଁ ଶ୍ରମିକ ବଦଳରେ ଜେସିବି ମେସିନରେ କାମ କରାଯାଉଛି। ଅନ୍ୟପଟେ ଗରିବ ପରିବାରର
ଶ୍ରମିକ କାମ ନ ପାଇ ଦାଦନ ଖଟି ଯିବା ପାଇଁ ବାଧ୍ୟ ହେଉଛନ୍ତି। ବୌଦ୍ଧ ଜିଲ୍ଲା କଣ୍ଟାମାଳ ବ୍ଲକ ଘଣ୍ଟାପଡ଼ା ପଞ୍ଚାୟତରେ ମନରେଗା ଯୋଜନାରେ ବ୍ୟାପକ ଅନିୟମିତତା ହୋଇଥିବା ଅଭିଯୋଗ ହୋଇଛି। ସୂଚନା ପ୍ରକାରେ ଘଣ୍ଟାପଡ଼ା ପଞ୍ଚାୟତ ଅନ୍ତର୍ଗତ ରେକଡେଲ ଗ୍ରାମରେ ଜେସିବି ମେସିନ ଓ ଟ୍ରାକ୍ଟର ସାହାଯ୍ୟରେ ପୋଖରୀର ଉନ୍ନତିକରଣ କାର୍ଯ୍ୟ କରାଯାଇ ମାଟି ଉଠାଣ କରାଯାଉଛି। ପୋଖରୀ ହିଡରେ ଉକ୍ତ ମାଟି ପକାଇବାର ନାୟମ
ମେସିନ କରୁଛି କାମ, ହାତବାନ୍ଧି ବସିଛନ୍ତି ଶ୍ରମିକ
ରହିଥିବା ବେଳେ କିନ୍ତୁ ଏହାକୁ ଗ୍ରାମର ଏକ ରାସ୍ତା ଉନ୍ନତିକରଣ କାର୍ଯ୍ୟରେ ଲଗା ଯାଉଥିବା ସହ ଏବଂ ଏକ ପଡ଼ିଆର ମଧ୍ୟ ଉନ୍ନତିକରଣ କାର୍ଯ୍ୟ କରାଯାଉଛି। ମନରେଗା ଯୋଜନାରେ ସ୍ଥାନୀୟ ଶ୍ରମିକଙ୍କୁ ନିଯୋଜିତ ନ କରି ଠିକାଦାର ଦିନ ଦ୍ୱିପ୍ରହରରେ ମେସିନରେ କାମ କରାଉଥିବାରୁ ଶ୍ରମଜୀବୀଙ୍କ ମଧ୍ୟରେ ତୀବ୍ର ଅସନ୍ତୋଷ ପ୍ରକାଶ ପାଇଛି। ପ୍ରତ୍ୟେକ ସରକାରୀ କାର୍ଯ୍ୟ ଆରମ୍ଭ କରିବା ପୂର୍ବରୁ ସୂଚନା ଫଳକ
ଲଗାଇବାର ନିୟମ ଥିଲେ ସୁଦ୍ଧା ପୋଖରୀରେ ମାଟି କାମ ହେଉଥିବା ବେଳେ କାର୍ଯ୍ୟ ସ୍ଥଳରେ କୌଣସି ସୂଚନା ଫଳକ ଲଗାଯାଇ ନାହିଁ। ସେହିପରି ପୋଖରୀ ମାଟି ଆଣି କରାଯାଉଥିବା ରାସ୍ତା ଓ ପଡ଼ିଆରେ ମଧ୍ୟ କୌଣସି ସୂଚନା ଫଳକ ଲଗାଯାଇ ନାହିଁ। କାର୍ଯ୍ୟ ବିଷୟରେ ତଥ୍ୟ ଜାଣିବା ପାଇଁ ଗ୍ରାମ ରୋଜଗାର ସେବକଙ୍କୁ ଯୋଗାଯୋଗ କରିଥିଲେ ମଧ୍ୟ ସମ୍ଭବ ହୋଇ ପାରି ନାହିଁ। ପଞ୍ଚାୟତ କାର୍ଯ୍ୟନିର୍ବାହୀ ଅଧିକାରୀଙ୍କୁ ଫୋନ୍ ଯୋଗେ ଯୋଗାଯୋଗ କରିବାରୁ ସେ ପ୍ରତିକ୍ରିୟା ଦେବାକୁ ମନା କରିଥିଲେ।
